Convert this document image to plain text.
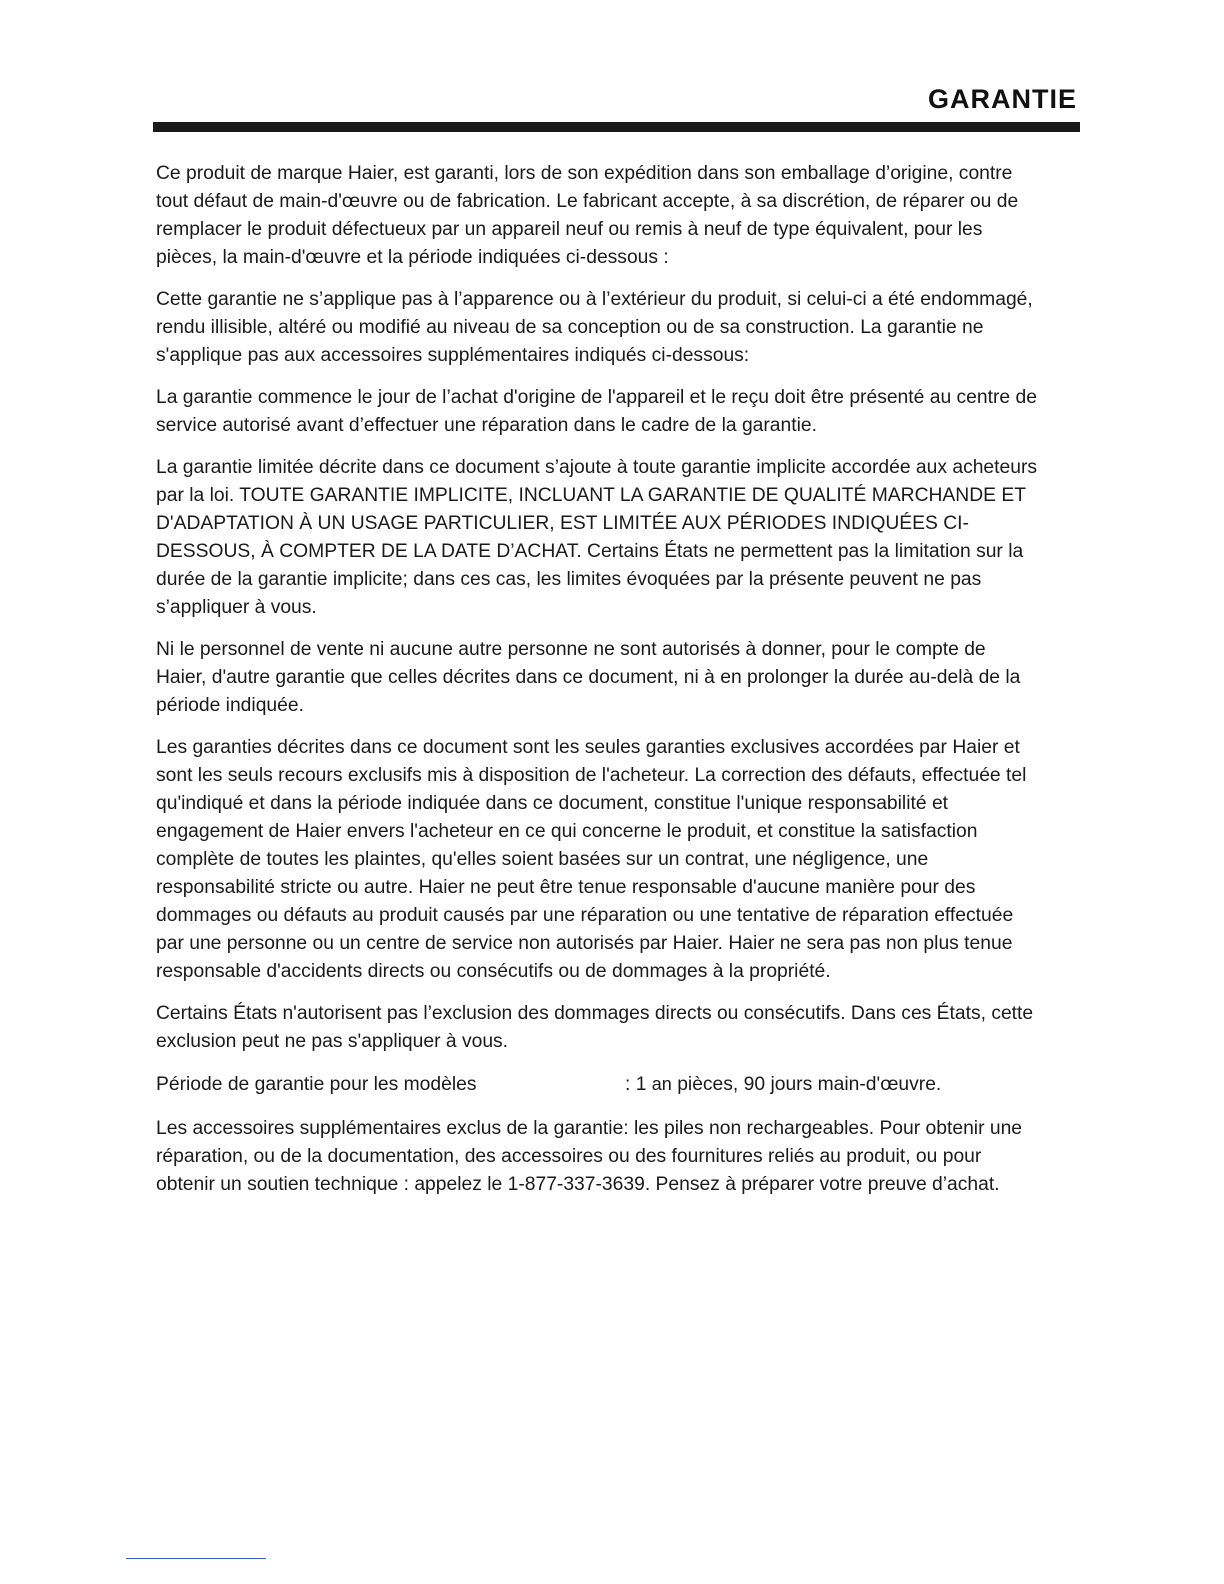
GARANTIE

Ce produit de marque Haier, est garanti, lors de son expédition dans son emballage d’origine, contre tout défaut de main-d'œuvre ou de fabrication. Le fabricant accepte, à sa discrétion, de réparer ou de remplacer le produit défectueux par un appareil neuf ou remis à neuf de type équivalent, pour les pièces, la main-d'œuvre et la période indiquées ci-dessous :

Cette garantie ne s’applique pas à l’apparence ou à l’extérieur du produit, si celui-ci a été endommagé, rendu illisible, altéré ou modifié au niveau de sa conception ou de sa construction. La garantie ne s'applique pas aux accessoires supplémentaires indiqués ci-dessous:

La garantie commence le jour de l’achat d'origine de l'appareil et le reçu doit être présenté au centre de service autorisé avant d’effectuer une réparation dans le cadre de la garantie.

La garantie limitée décrite dans ce document s’ajoute à toute garantie implicite accordée aux acheteurs par la loi. TOUTE GARANTIE IMPLICITE, INCLUANT LA GARANTIE DE QUALITÉ MARCHANDE ET D'ADAPTATION À UN USAGE PARTICULIER, EST LIMITÉE AUX PÉRIODES INDIQUÉES CI-DESSOUS, À COMPTER DE LA DATE D’ACHAT. Certains États ne permettent pas la limitation sur la durée de la garantie implicite; dans ces cas, les limites évoquées par la présente peuvent ne pas s’appliquer à vous.

Ni le personnel de vente ni aucune autre personne ne sont autorisés à donner, pour le compte de Haier, d'autre garantie que celles décrites dans ce document, ni à en prolonger la durée au-delà de la période indiquée.

Les garanties décrites dans ce document sont les seules garanties exclusives accordées par Haier et sont les seuls recours exclusifs mis à disposition de l'acheteur. La correction des défauts, effectuée tel qu'indiqué et dans la période indiquée dans ce document, constitue l'unique responsabilité et engagement de Haier envers l'acheteur en ce qui concerne le produit, et constitue la satisfaction complète de toutes les plaintes, qu'elles soient basées sur un contrat, une négligence, une responsabilité stricte ou autre. Haier ne peut être tenue responsable d'aucune manière pour des dommages ou défauts au produit causés par une réparation ou une tentative de réparation effectuée par une personne ou un centre de service non autorisés par Haier. Haier ne sera pas non plus tenue responsable d'accidents directs ou consécutifs ou de dommages à la propriété.

Certains États n'autorisent pas l’exclusion des dommages directs ou consécutifs. Dans ces États, cette exclusion peut ne pas s'appliquer à vous.

Période de garantie pour les modèles	: 1
an
pièces, 90 jours main-d'œuvre.

Les accessoires supplémentaires exclus de la garantie: les piles non rechargeables. Pour obtenir une réparation, ou de la documentation, des accessoires ou des fournitures reliés au produit, ou pour obtenir un soutien technique : appelez le 1-877-337-3639. Pensez à préparer votre preuve d’achat.
